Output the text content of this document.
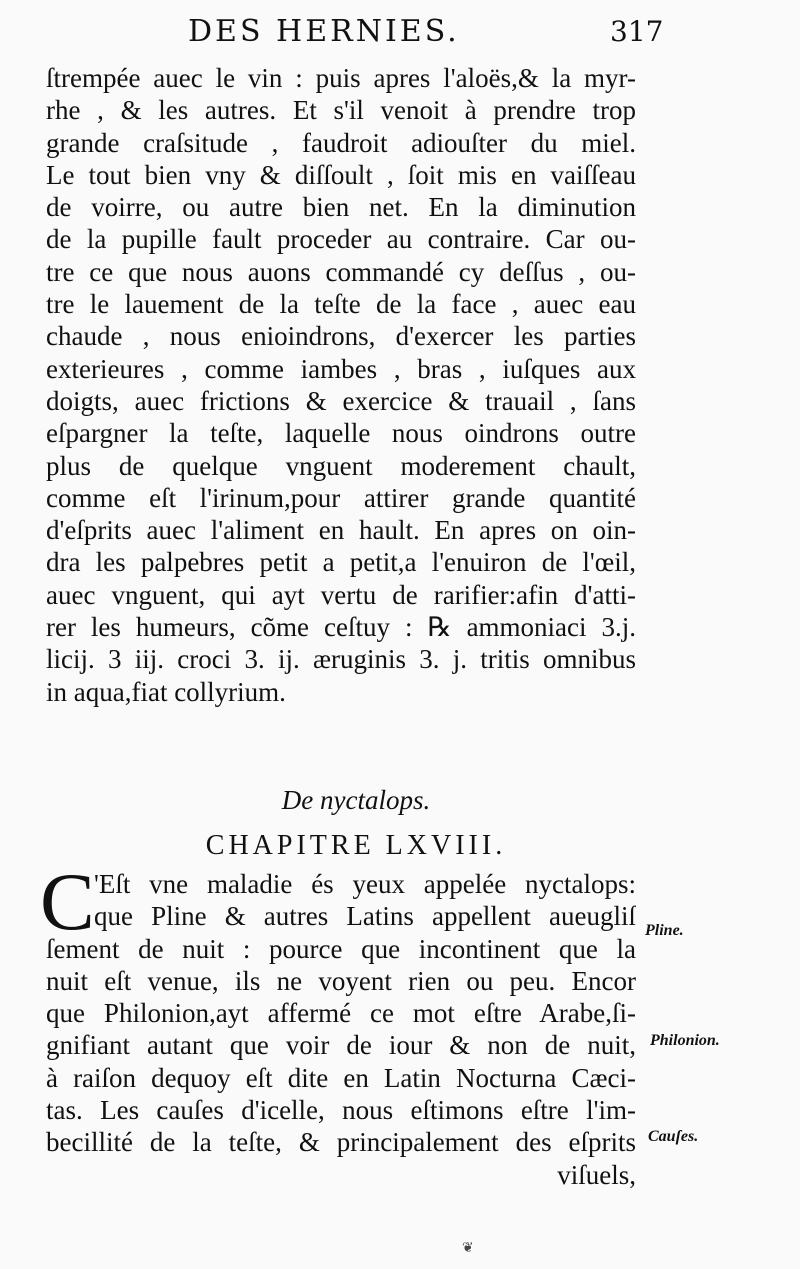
DES HERNIES.	317
ſtrempée auec le vin : puis apres l'aloës,& la myr-
rhe , & les autres. Et s'il venoit à prendre trop
grande craſsitude , faudroit adiouſter du miel.
Le tout bien vny & diſſoult , ſoit mis en vaiſſeau
de voirre, ou autre bien net. En la diminution
de la pupille fault proceder au contraire. Car ou-
tre ce que nous auons commandé cy deſſus , ou-
tre le lauement de la teſte de la face , auec eau
chaude , nous enioindrons, d'exercer les parties
exterieures , comme iambes , bras , iuſques aux
doigts, auec frictions & exercice & trauail , ſans
eſpargner la teſte, laquelle nous oindrons outre
plus de quelque vnguent moderement chault,
comme eſt l'irinum,pour attirer grande quantité
d'eſprits auec l'aliment en hault. En apres on oin-
dra les palpebres petit a petit,a l'enuiron de l'œil,
auec vnguent, qui ayt vertu de rarifier:afin d'atti-
rer les humeurs, cõme ceſtuy : ℞ ammoniaci 3.j.
licij. 3 iij. croci 3. ij. æruginis 3. j. tritis omnibus
in aqua,fiat collyrium.
De nyctalops.
CHAPITRE LXVIII.
C 'Eſt vne maladie és yeux appelée nyctalops:
que Pline & autres Latins appellent aueugliſ
ſement de nuit : pource que incontinent que la
nuit eſt venue, ils ne voyent rien ou peu. Encor
que Philonion,ayt affermé ce mot eſtre Arabe,ſi-
gnifiant autant que voir de iour & non de nuit,
à raiſon dequoy eſt dite en Latin Nocturna Cæci-
tas. Les cauſes d'icelle, nous eſtimons eſtre l'im-
becillité de la teſte, & principalement des eſprits
viſuels,
Pline.
Philonion.
Cauſes.
❦
